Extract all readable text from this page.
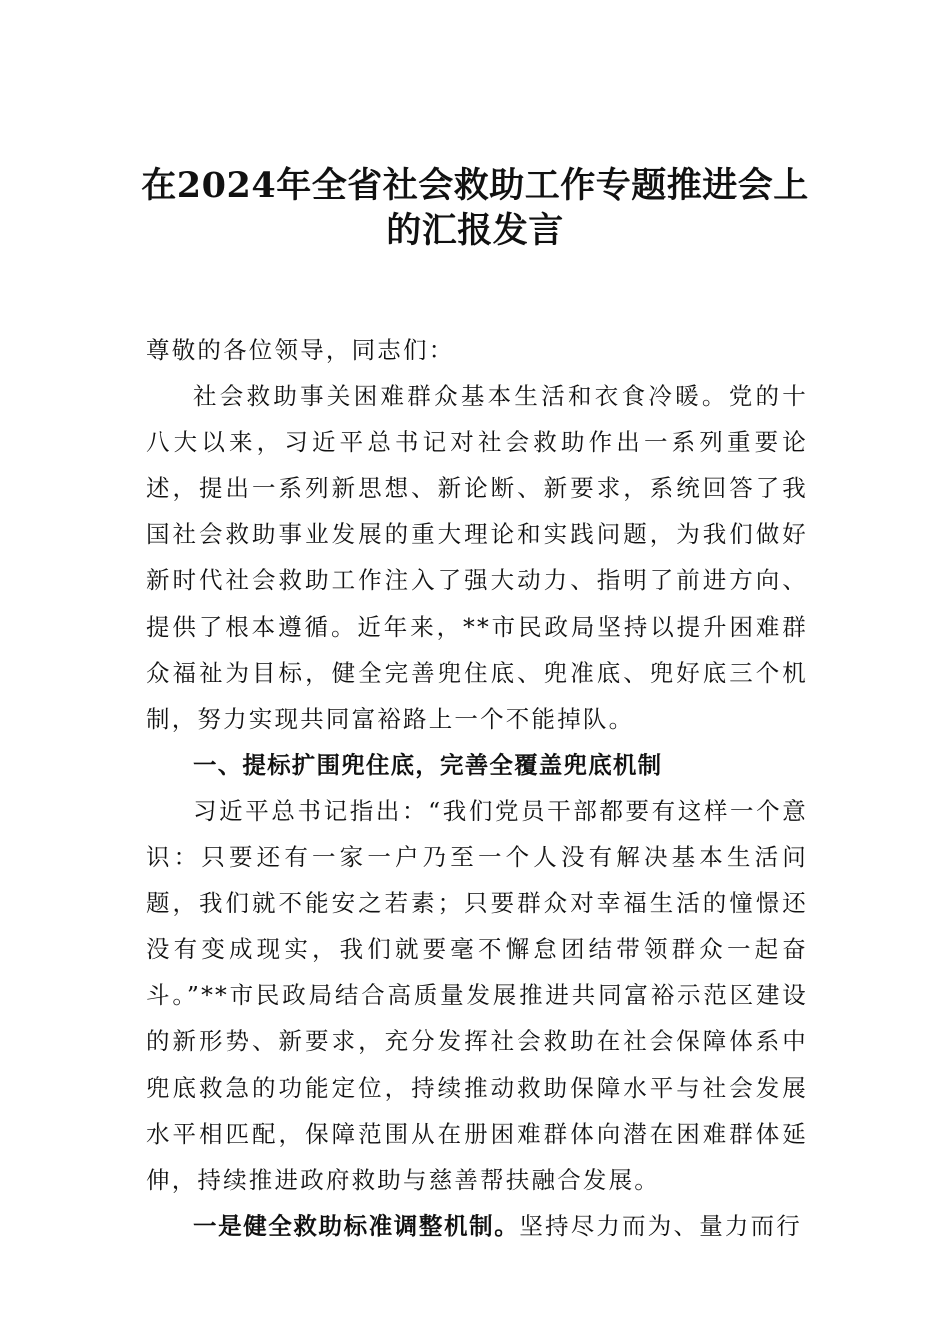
在2024年全省社会救助工作专题推进会上
的汇报发言

尊敬的各位领导，同志们：

社会救助事关困难群众基本生活和衣食冷暖。党的十八大以来，习近平总书记对社会救助作出一系列重要论述，提出一系列新思想、新论断、新要求，系统回答了我国社会救助事业发展的重大理论和实践问题，为我们做好新时代社会救助工作注入了强大动力、指明了前进方向、提供了根本遵循。近年来，**市民政局坚持以提升困难群众福祉为目标，健全完善兜住底、兜准底、兜好底三个机制，努力实现共同富裕路上一个不能掉队。

一、提标扩围兜住底，完善全覆盖兜底机制

习近平总书记指出：“我们党员干部都要有这样一个意识：只要还有一家一户乃至一个人没有解决基本生活问题，我们就不能安之若素；只要群众对幸福生活的憧憬还没有变成现实，我们就要毫不懈怠团结带领群众一起奋斗。”**市民政局结合高质量发展推进共同富裕示范区建设的新形势、新要求，充分发挥社会救助在社会保障体系中兜底救急的功能定位，持续推动救助保障水平与社会发展水平相匹配，保障范围从在册困难群体向潜在困难群体延伸，持续推进政府救助与慈善帮扶融合发展。

一是健全救助标准调整机制。坚持尽力而为、量力而行
